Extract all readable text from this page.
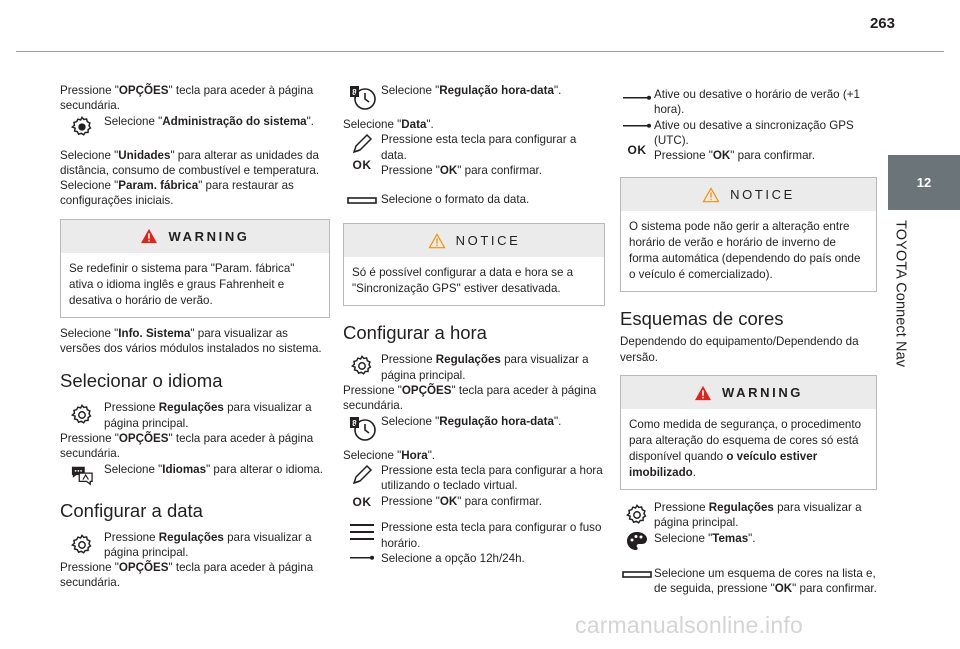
263
12
TOYOTA Connect Nav

Pressione "OPÇÕES" tecla para aceder à página secundária.

Selecione "Administração do sistema".

Selecione "Unidades" para alterar as unidades da distância, consumo de combustível e temperatura.

Selecione "Param. fábrica" para restaurar as configurações iniciais.

WARNING
Se redefinir o sistema para "Param. fábrica" ativa o idioma inglês e graus Fahrenheit e desativa o horário de verão.

Selecione "Info. Sistema" para visualizar as versões dos vários módulos instalados no sistema.

Selecionar o idioma
Pressione Regulações para visualizar a página principal.

Pressione "OPÇÕES" tecla para aceder à página secundária.

Selecione "Idiomas" para alterar o idioma.
Configurar a data
Pressione Regulações para visualizar a página principal.

Pressione "OPÇÕES" tecla para aceder à página secundária.

8 Selecione "Regulação hora-data".

Selecione "Data".

OK
Pressione esta tecla para configurar a data.
Pressione "OK" para confirmar.
Selecione o formato da data.
NOTICE
Só é possível configurar a data e hora se a "Sincronização GPS" estiver desativada.
Configurar a hora
Pressione Regulações para visualizar a página principal.

Pressione "OPÇÕES" tecla para aceder à página secundária.

8 Selecione "Regulação hora-data".

Selecione "Hora".

OK
Pressione esta tecla para configurar a hora utilizando o teclado virtual.
Pressione "OK" para confirmar.
Pressione esta tecla para configurar o fuso horário.
Selecione a opção 12h/24h.
OK
Ative ou desative o horário de verão (+1 hora).
Ative ou desative a sincronização GPS (UTC).
Pressione "OK" para confirmar.
NOTICE
O sistema pode não gerir a alteração entre horário de verão e horário de inverno de forma automática (dependendo do país onde o veículo é comercializado).
Esquemas de cores

Dependendo do equipamento/Dependendo da versão.

WARNING
Como medida de segurança, o procedimento para alteração do esquema de cores só está disponível quando o veículo estiver imobilizado.
Pressione Regulações para visualizar a página principal.
Selecione "Temas".
Selecione um esquema de cores na lista e, de seguida, pressione "OK" para confirmar.
carmanualsonline.info
